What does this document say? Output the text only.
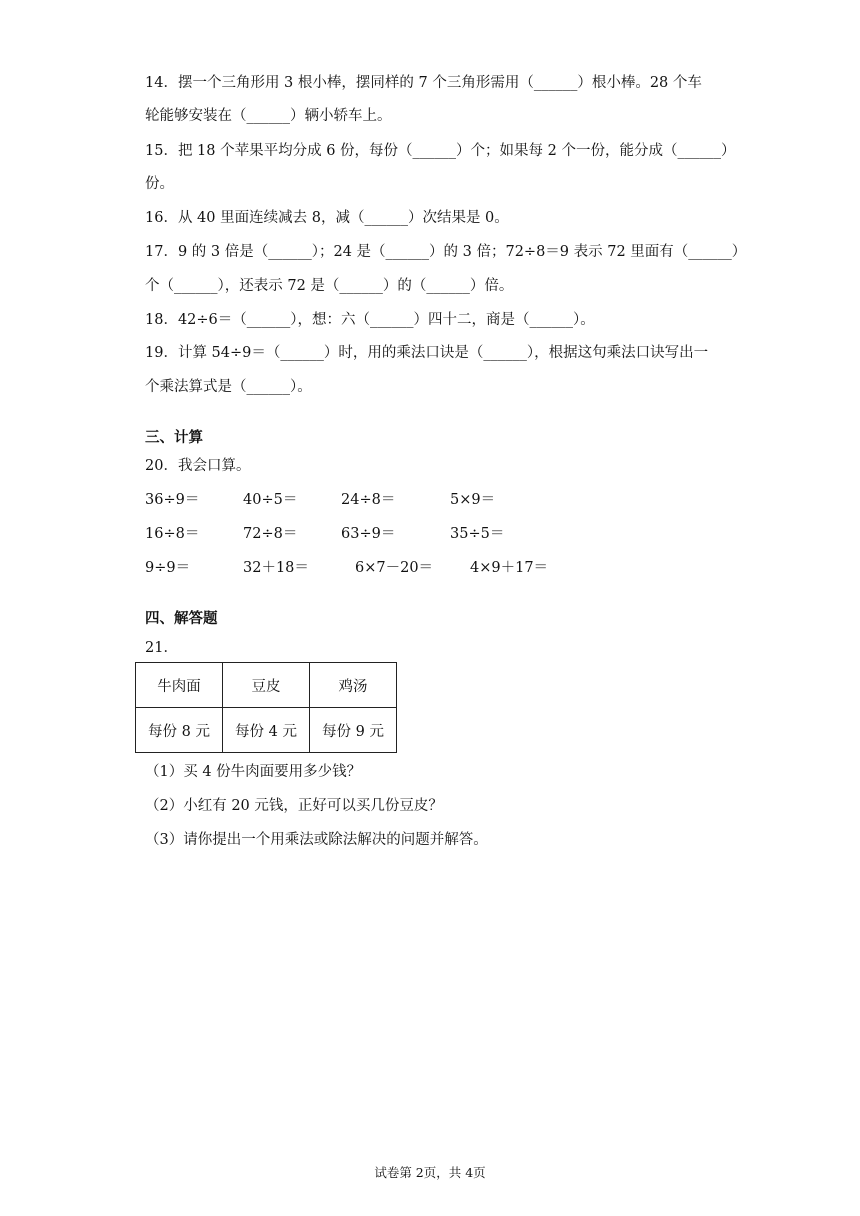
14．摆一个三角形用 3 根小棒，摆同样的 7 个三角形需用（______）根小棒。28 个车
轮能够安装在（______）辆小轿车上。
15．把 18 个苹果平均分成 6 份，每份（______）个；如果每 2 个一份，能分成（______）
份。
16．从 40 里面连续减去 8，减（______）次结果是 0。
17．9 的 3 倍是（______）；24 是（______）的 3 倍；72÷8＝9 表示 72 里面有（______）
个（______），还表示 72 是（______）的（______）倍。
18．42÷6＝（______），想：六（______）四十二，商是（______）。
19．计算 54÷9＝（______）时，用的乘法口诀是（______），根据这句乘法口诀写出一
个乘法算式是（______）。
三、计算
20．我会口算。
36÷9＝	40÷5＝	24÷8＝	5×9＝
16÷8＝	72÷8＝	63÷9＝	35÷5＝
9÷9＝	32＋18＝	6×7－20＝	4×9＋17＝
四、解答题
21．
牛肉面	豆皮	鸡汤
每份 8 元	每份 4 元	每份 9 元
（1）买 4 份牛肉面要用多少钱？
（2）小红有 20 元钱，正好可以买几份豆皮？
（3）请你提出一个用乘法或除法解决的问题并解答。
试卷第 2页，共 4页
